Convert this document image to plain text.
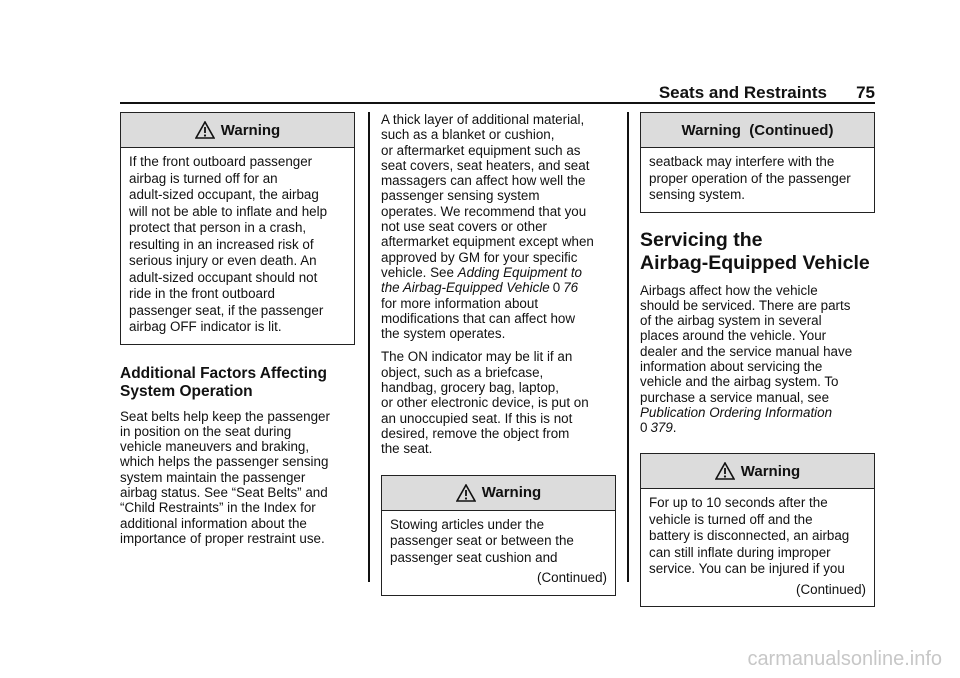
Seats and Restraints 75
Warning
If the front outboard passenger
airbag is turned off for an
adult-sized occupant, the airbag
will not be able to inflate and help
protect that person in a crash,
resulting in an increased risk of
serious injury or even death. An
adult-sized occupant should not
ride in the front outboard
passenger seat, if the passenger
airbag OFF indicator is lit.
Additional Factors Affecting
System Operation
Seat belts help keep the passenger
in position on the seat during
vehicle maneuvers and braking,
which helps the passenger sensing
system maintain the passenger
airbag status. See “Seat Belts” and
“Child Restraints” in the Index for
additional information about the
importance of proper restraint use.
A thick layer of additional material,
such as a blanket or cushion,
or aftermarket equipment such as
seat covers, seat heaters, and seat
massagers can affect how well the
passenger sensing system
operates. We recommend that you
not use seat covers or other
aftermarket equipment except when
approved by GM for your specific
vehicle. See Adding Equipment to
the Airbag-Equipped Vehicle 0 76
for more information about
modifications that can affect how
the system operates.
The ON indicator may be lit if an
object, such as a briefcase,
handbag, grocery bag, laptop,
or other electronic device, is put on
an unoccupied seat. If this is not
desired, remove the object from
the seat.
Warning
Stowing articles under the
passenger seat or between the
passenger seat cushion and
(Continued)
Warning  (Continued)
seatback may interfere with the
proper operation of the passenger
sensing system.
Servicing the
Airbag-Equipped Vehicle
Airbags affect how the vehicle
should be serviced. There are parts
of the airbag system in several
places around the vehicle. Your
dealer and the service manual have
information about servicing the
vehicle and the airbag system. To
purchase a service manual, see
Publication Ordering Information
0 379.
Warning
For up to 10 seconds after the
vehicle is turned off and the
battery is disconnected, an airbag
can still inflate during improper
service. You can be injured if you
(Continued)
carmanualsonline.info
